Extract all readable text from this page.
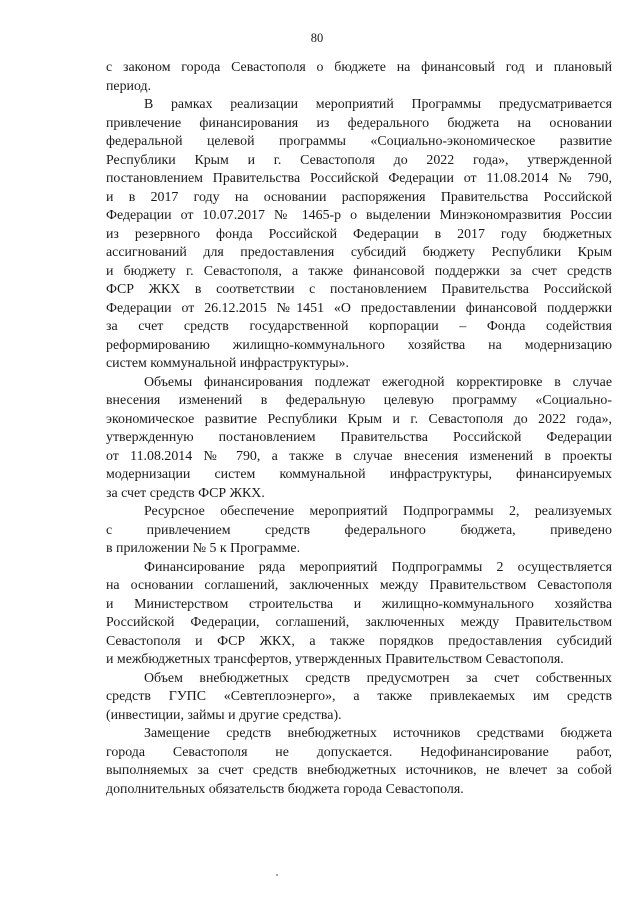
80
с законом города Севастополя о бюджете на финансовый год и плановый
период.
В рамках реализации мероприятий Программы предусматривается
привлечение финансирования из федерального бюджета на основании
федеральной целевой программы «Социально-экономическое развитие
Республики Крым и г. Севастополя до 2022 года», утвержденной
постановлением Правительства Российской Федерации от 11.08.2014 № 790,
и в 2017 году на основании распоряжения Правительства Российской
Федерации от 10.07.2017 № 1465-р о выделении Минэкономразвития России
из резервного фонда Российской Федерации в 2017 году бюджетных
ассигнований для предоставления субсидий бюджету Республики Крым
и бюджету г. Севастополя, а также финансовой поддержки за счет средств
ФСР ЖКХ в соответствии с постановлением Правительства Российской
Федерации от 26.12.2015 №1451 «О предоставлении финансовой поддержки
за счет средств государственной корпорации – Фонда содействия
реформированию жилищно-коммунального хозяйства на модернизацию
систем коммунальной инфраструктуры».
Объемы финансирования подлежат ежегодной корректировке в случае
внесения изменений в федеральную целевую программу «Социально-
экономическое развитие Республики Крым и г. Севастополя до 2022 года»,
утвержденную постановлением Правительства Российской Федерации
от 11.08.2014 № 790, а также в случае внесения изменений в проекты
модернизации систем коммунальной инфраструктуры, финансируемых
за счет средств ФСР ЖКХ.
Ресурсное обеспечение мероприятий Подпрограммы 2, реализуемых
с привлечением средств федерального бюджета, приведено
в приложении № 5 к Программе.
Финансирование ряда мероприятий Подпрограммы 2 осуществляется
на основании соглашений, заключенных между Правительством Севастополя
и Министерством строительства и жилищно-коммунального хозяйства
Российской Федерации, соглашений, заключенных между Правительством
Севастополя и ФСР ЖКХ, а также порядков предоставления субсидий
и межбюджетных трансфертов, утвержденных Правительством Севастополя.
Объем внебюджетных средств предусмотрен за счет собственных
средств ГУПС «Севтеплоэнерго», а также привлекаемых им средств
(инвестиции, займы и другие средства).
Замещение средств внебюджетных источников средствами бюджета
города Севастополя не допускается. Недофинансирование работ,
выполняемых за счет средств внебюджетных источников, не влечет за собой
дополнительных обязательств бюджета города Севастополя.
